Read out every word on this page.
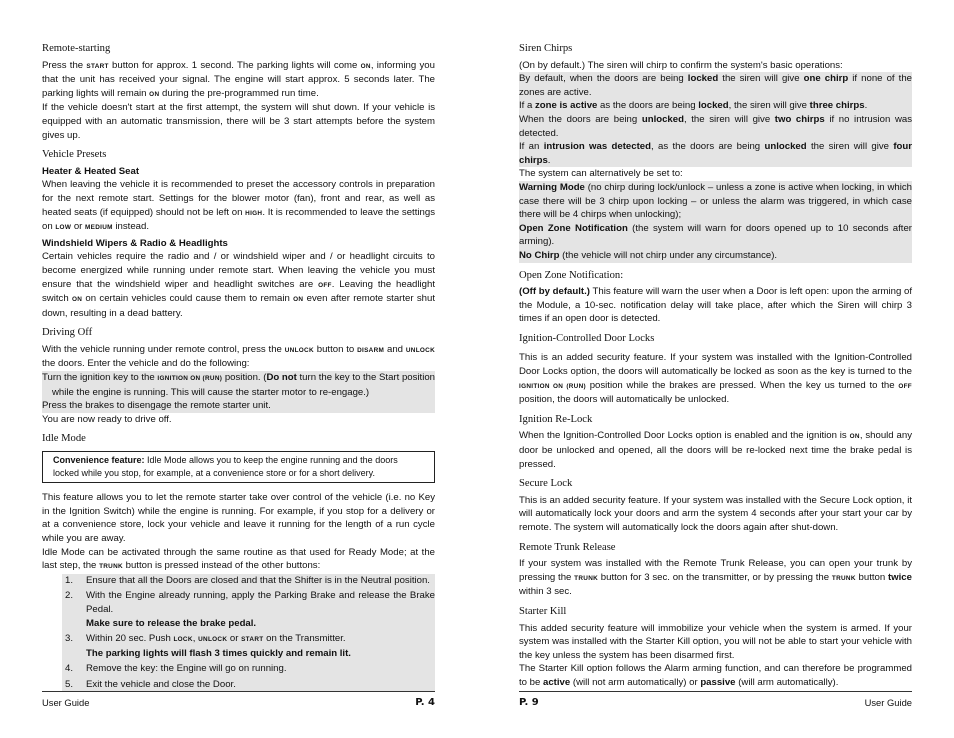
Remote-starting

Press the START button for approx. 1 second. The parking lights will come ON, informing you that the unit has received your signal. The engine will start approx. 5 seconds later. The parking lights will remain ON during the pre-programmed run time.

If the vehicle doesn't start at the first attempt, the system will shut down. If your vehicle is equipped with an automatic transmission, there will be 3 start attempts before the system gives up.

Vehicle Presets
Heater & Heated Seat

When leaving the vehicle it is recommended to preset the accessory controls in preparation for the next remote start. Settings for the blower motor (fan), front and rear, as well as heated seats (if equipped) should not be left on HIGH. It is recommended to leave the settings on LOW or MEDIUM instead.

Windshield Wipers & Radio & Headlights

Certain vehicles require the radio and / or windshield wiper and / or headlight circuits to become energized while running under remote start. When leaving the vehicle you must ensure that the windshield wiper and headlight switches are OFF. Leaving the headlight switch ON on certain vehicles could cause them to remain ON even after remote starter shut down, resulting in a dead battery.

Driving Off

With the vehicle running under remote control, press the UNLOCK button to DISARM and UNLOCK the doors. Enter the vehicle and do the following:

Turn the ignition key to the IGNITION ON (RUN) position. (Do not turn the key to the Start position while the engine is running. This will cause the starter motor to re-engage.)

Press the brakes to disengage the remote starter unit.

You are now ready to drive off.

Idle Mode
Convenience feature: Idle Mode allows you to keep the engine running and the doors locked while you stop, for example, at a convenience store or for a short delivery.

This feature allows you to let the remote starter take over control of the vehicle (i.e. no Key in the Ignition Switch) while the engine is running. For example, if you stop for a delivery or at a convenience store, lock your vehicle and leave it running for the length of a run cycle while you are away.

Idle Mode can be activated through the same routine as that used for Ready Mode; at the last step, the TRUNK button is pressed instead of the other buttons:

1. Ensure that all the Doors are closed and that the Shifter is in the Neutral position.
2. With the Engine already running, apply the Parking Brake and release the Brake Pedal.
Make sure to release the brake pedal.
3. Within 20 sec. Push LOCK, UNLOCK or START on the Transmitter.
The parking lights will flash 3 times quickly and remain lit.
4. Remove the key: the Engine will go on running.
5. Exit the vehicle and close the Door.
Siren Chirps

(On by default.) The siren will chirp to confirm the system's basic operations:

By default, when the doors are being locked the siren will give one chirp if none of the zones are active.

If a zone is active as the doors are being locked, the siren will give three chirps.

When the doors are being unlocked, the siren will give two chirps if no intrusion was detected.

If an intrusion was detected, as the doors are being unlocked the siren will give four chirps.

The system can alternatively be set to:

Warning Mode (no chirp during lock/unlock – unless a zone is active when locking, in which case there will be 3 chirp upon locking – or unless the alarm was triggered, in which case there will be 4 chirps when unlocking);

Open Zone Notification (the system will warn for doors opened up to 10 seconds after arming).

No Chirp (the vehicle will not chirp under any circumstance).

Open Zone Notification:

(Off by default.) This feature will warn the user when a Door is left open: upon the arming of the Module, a 10-sec. notification delay will take place, after which the Siren will chirp 3 times if an open door is detected.

Ignition-Controlled Door Locks

This is an added security feature. If your system was installed with the Ignition-Controlled Door Locks option, the doors will automatically be locked as soon as the key is turned to the IGNITION ON (RUN) position while the brakes are pressed. When the key us turned to the OFF position, the doors will automatically be unlocked.

Ignition Re-Lock

When the Ignition-Controlled Door Locks option is enabled and the ignition is ON, should any door be unlocked and opened, all the doors will be re-locked next time the brake pedal is pressed.

Secure Lock

This is an added security feature. If your system was installed with the Secure Lock option, it will automatically lock your doors and arm the system 4 seconds after your start your car by remote. The system will automatically lock the doors again after shut-down.

Remote Trunk Release

If your system was installed with the Remote Trunk Release, you can open your trunk by pressing the TRUNK button for 3 sec. on the transmitter, or by pressing the TRUNK button twice within 3 sec.

Starter Kill

This added security feature will immobilize your vehicle when the system is armed. If your system was installed with the Starter Kill option, you will not be able to start your vehicle with the key unless the system has been disarmed first.

The Starter Kill option follows the Alarm arming function, and can therefore be programmed to be active (will not arm automatically) or passive (will arm automatically).

User Guide	P. 4	P. 9	User Guide
